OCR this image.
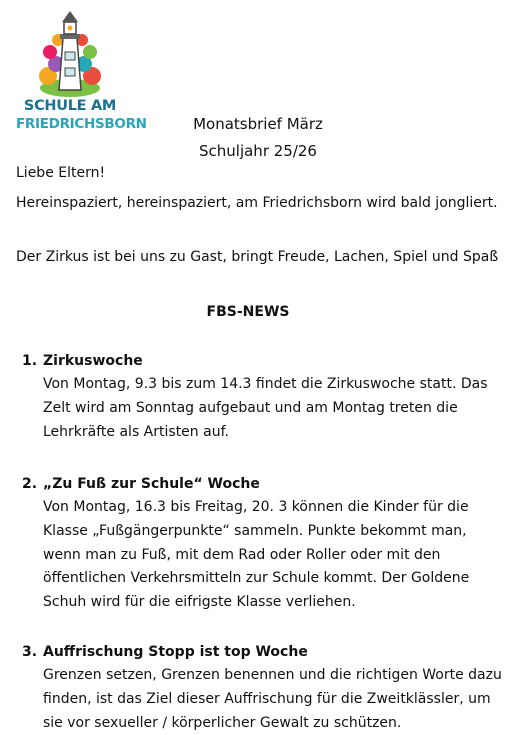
SCHULE AM
FRIEDRICHSBORN	Monatsbrief März
Schuljahr 25/26

Liebe Eltern!

Hereinspaziert, hereinspaziert, am Friedrichsborn wird bald jongliert.

Der Zirkus ist bei uns zu Gast, bringt Freude, Lachen, Spiel und Spaß

FBS-NEWS
1. Zirkuswoche

Von Montag, 9.3 bis zum 14.3 findet die Zirkuswoche statt. Das Zelt wird am Sonntag aufgebaut und am Montag treten die Lehrkräfte als Artisten auf.

2. „Zu Fuß zur Schule“ Woche

Von Montag, 16.3 bis Freitag, 20. 3 können die Kinder für die Klasse „Fußgängerpunkte“ sammeln. Punkte bekommt man, wenn man zu Fuß, mit dem Rad oder Roller oder mit den öffentlichen Verkehrsmitteln zur Schule kommt. Der Goldene Schuh wird für die eifrigste Klasse verliehen.

3. Auffrischung Stopp ist top Woche

Grenzen setzen, Grenzen benennen und die richtigen Worte dazu finden, ist das Ziel dieser Auffrischung für die Zweitklässler, um sie vor sexueller / körperlicher Gewalt zu schützen.
